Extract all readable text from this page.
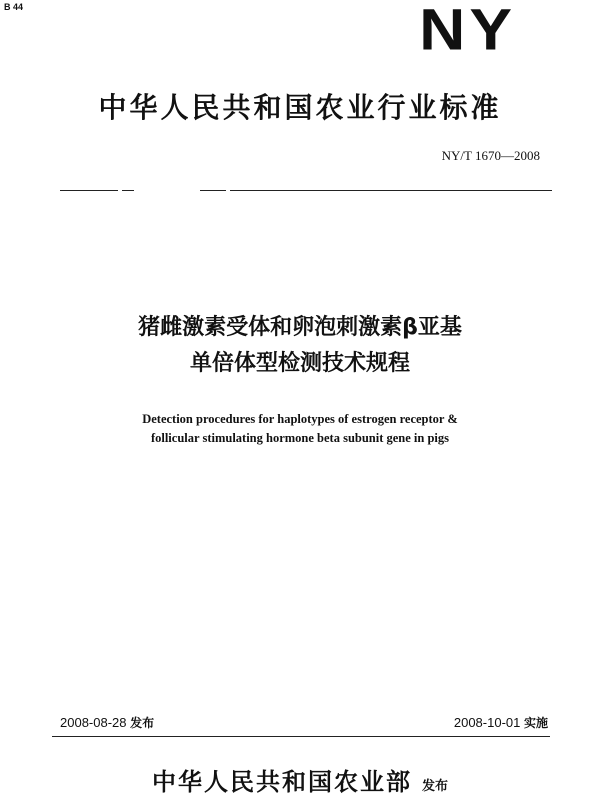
B 44	NY
中华人民共和国农业行业标准
NY/T 1670—2008
猪雌激素受体和卵泡刺激素β亚基
单倍体型检测技术规程
Detection procedures for haplotypes of estrogen receptor &
follicular stimulating hormone beta subunit gene in pigs
2008-08-28 发布	2008-10-01 实施
中华人民共和国农业部 发布
